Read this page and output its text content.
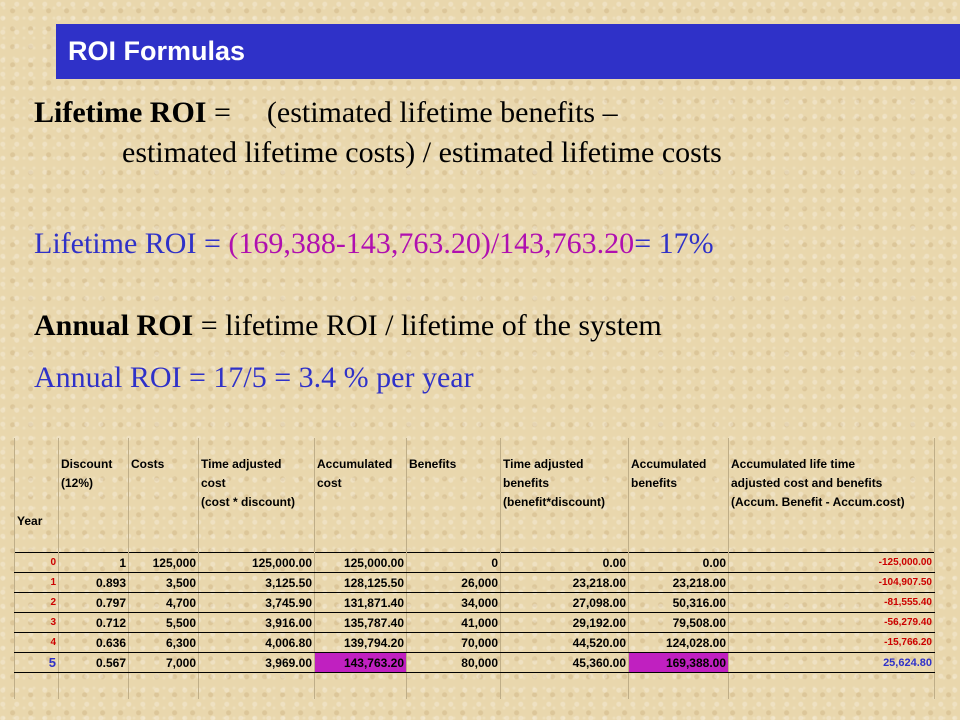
ROI Formulas
Lifetime ROI = (estimated lifetime benefits –
estimated lifetime costs) / estimated lifetime costs
Lifetime ROI = (169,388-143,763.20)/143,763.20= 17%
Annual ROI = lifetime ROI / lifetime of the system
Annual ROI = 17/5 = 3.4 % per year

	Discount	Costs	Time adjusted	Accumulated	Benefits	Time adjusted	Accumulated	Accumulated life time
	(12%)		cost	cost		benefits	benefits	adjusted cost and benefits
			(cost * discount)			(benefit*discount)		(Accum. Benefit - Accum.cost)
Year								

0	1	125,000	125,000.00	125,000.00	0	0.00	0.00	-125,000.00
1	0.893	3,500	3,125.50	128,125.50	26,000	23,218.00	23,218.00	-104,907.50
2	0.797	4,700	3,745.90	131,871.40	34,000	27,098.00	50,316.00	-81,555.40
3	0.712	5,500	3,916.00	135,787.40	41,000	29,192.00	79,508.00	-56,279.40
4	0.636	6,300	4,006.80	139,794.20	70,000	44,520.00	124,028.00	-15,766.20
5	0.567	7,000	3,969.00	143,763.20	80,000	45,360.00	169,388.00	25,624.80
